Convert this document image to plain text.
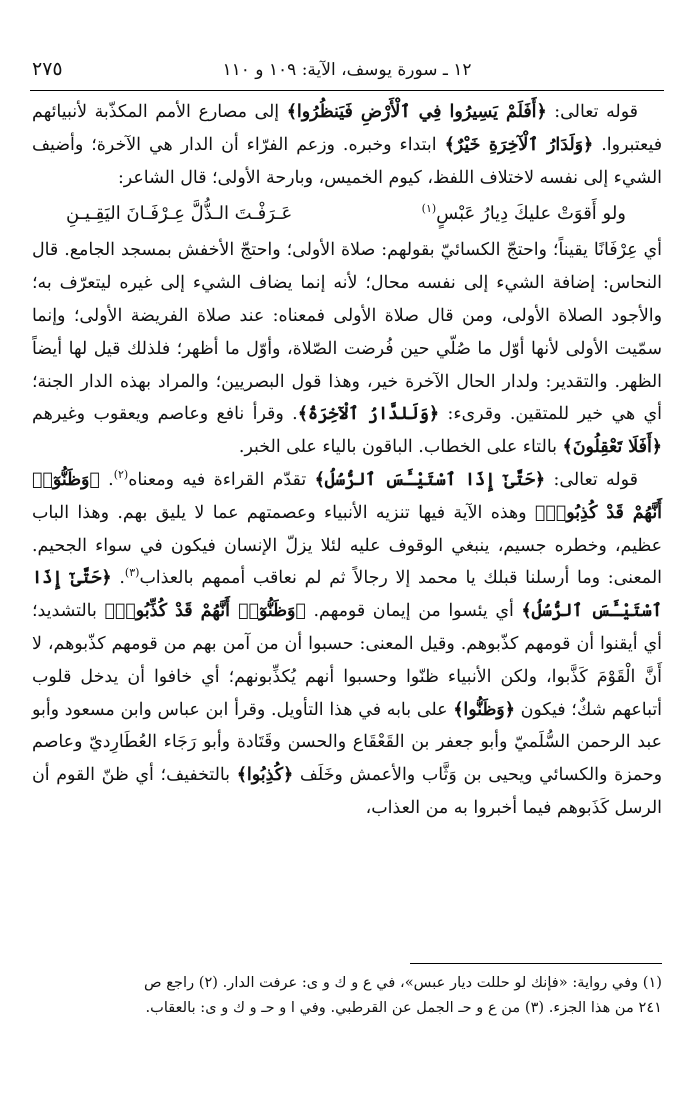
١٢ ـ سورة يوسف، الآية: ١٠٩ و ١١٠
٢٧٥

قوله تعالى: ﴿أَفَلَمْ يَسِيرُوا فِي ٱلْأَرْضِ فَيَنظُرُوا﴾ إلى مصارع الأمم المكذّبة لأنبيائهم فيعتبروا. ﴿وَلَدَارُ ٱلْآخِرَةِ خَيْرٌ﴾ ابتداء وخبره. وزعم الفرّاء أن الدار هي الآخرة؛ وأضيف الشيء إلى نفسه لاختلاف اللفظ، كيوم الخميس، وبارحة الأولى؛ قال الشاعر:

ولو أَقوَتْ عليكَ دِيارُ عَبْسٍ$^{(١)}$
عَـرَفْـتَ الـذُّلَّ عِـرْفَـانَ اليَقِـيـنِ

أي عِرْفَانًا يقيناً؛ واحتجّ الكسائيّ بقولهم: صلاة الأولى؛ واحتجّ الأخفش بمسجد الجامع. قال النحاس: إضافة الشيء إلى نفسه محال؛ لأنه إنما يضاف الشيء إلى غيره ليتعرّف به؛ والأجود الصلاة الأولى، ومن قال صلاة الأولى فمعناه: عند صلاة الفريضة الأولى؛ وإنما سمّيت الأولى لأنها أوّل ما صُلّي حين فُرضت الصّلاة، وأوّل ما أظهر؛ فلذلك قيل لها أيضاً الظهر. والتقدير: ولدار الحال الآخرة خير، وهذا قول البصريين؛ والمراد بهذه الدار الجنة؛ أي هي خير للمتقين. وقرىء: ﴿وَلَلدَّارُ ٱلْآخِرَةُ﴾. وقرأ نافع وعاصم ويعقوب وغيرهم ﴿أَفَلَا تَعْقِلُونَ﴾ بالتاء على الخطاب. الباقون بالياء على الخبر.

قوله تعالى: ﴿حَتَّىٰٓ إِذَا ٱسْتَيْـَٔسَ ٱلرُّسُلُ﴾ تقدّم القراءة فيه ومعناه$^{(٢)}$. ﴿وَظَنُّوٓا۟ أَنَّهُمْ قَدْ كُذِبُوا۟﴾ وهذه الآية فيها تنزيه الأنبياء وعصمتهم عما لا يليق بهم. وهذا الباب عظيم، وخطره جسيم، ينبغي الوقوف عليه لئلا يزلّ الإنسان فيكون في سواء الجحيم. المعنى: وما أرسلنا قبلك يا محمد إلا رجالاً ثم لم نعاقب أممهم بالعذاب$^{(٣)}$. ﴿حَتَّىٰٓ إِذَا ٱسْتَيْـَٔسَ ٱلرُّسُلُ﴾ أي يئسوا من إيمان قومهم. ﴿وَظَنُّوٓا۟ أَنَّهُمْ قَدْ كُذِّبُوا۟﴾ بالتشديد؛ أي أيقنوا أن قومهم كذّبوهم. وقيل المعنى: حسبوا أن من آمن بهم من قومهم كذّبوهم، لا أَنَّ الْقَوْمَ كَذَّبوا، ولكن الأنبياء ظنّوا وحسبوا أنهم يُكذِّبونهم؛ أي خافوا أن يدخل قلوب أتباعهم شكٌ؛ فيكون ﴿وَظَنُّوا﴾ على بابه في هذا التأويل. وقرأ ابن عباس وابن مسعود وأبو عبد الرحمن السُّلَميّ وأبو جعفر بن القَعْقَاع والحسن وقَتَادة وأبو رَجَاء العُطَارِديّ وعاصم وحمزة والكسائي ويحيى بن وَثَّاب والأعمش وخَلَف ﴿كُذِبُوا﴾ بالتخفيف؛ أي ظنّ القوم أن الرسل كَذَبوهم فيما أخبروا به من العذاب،

(١) وفي رواية: «فإنك لو حللت ديار عبس»، في ع و ك و ى: عرفت الدار. (٢) راجع ص

٢٤١ من هذا الجزء. (٣) من ع و حـ الجمل عن القرطبي. وفي ا و حـ و ك و ى: بالعقاب.
